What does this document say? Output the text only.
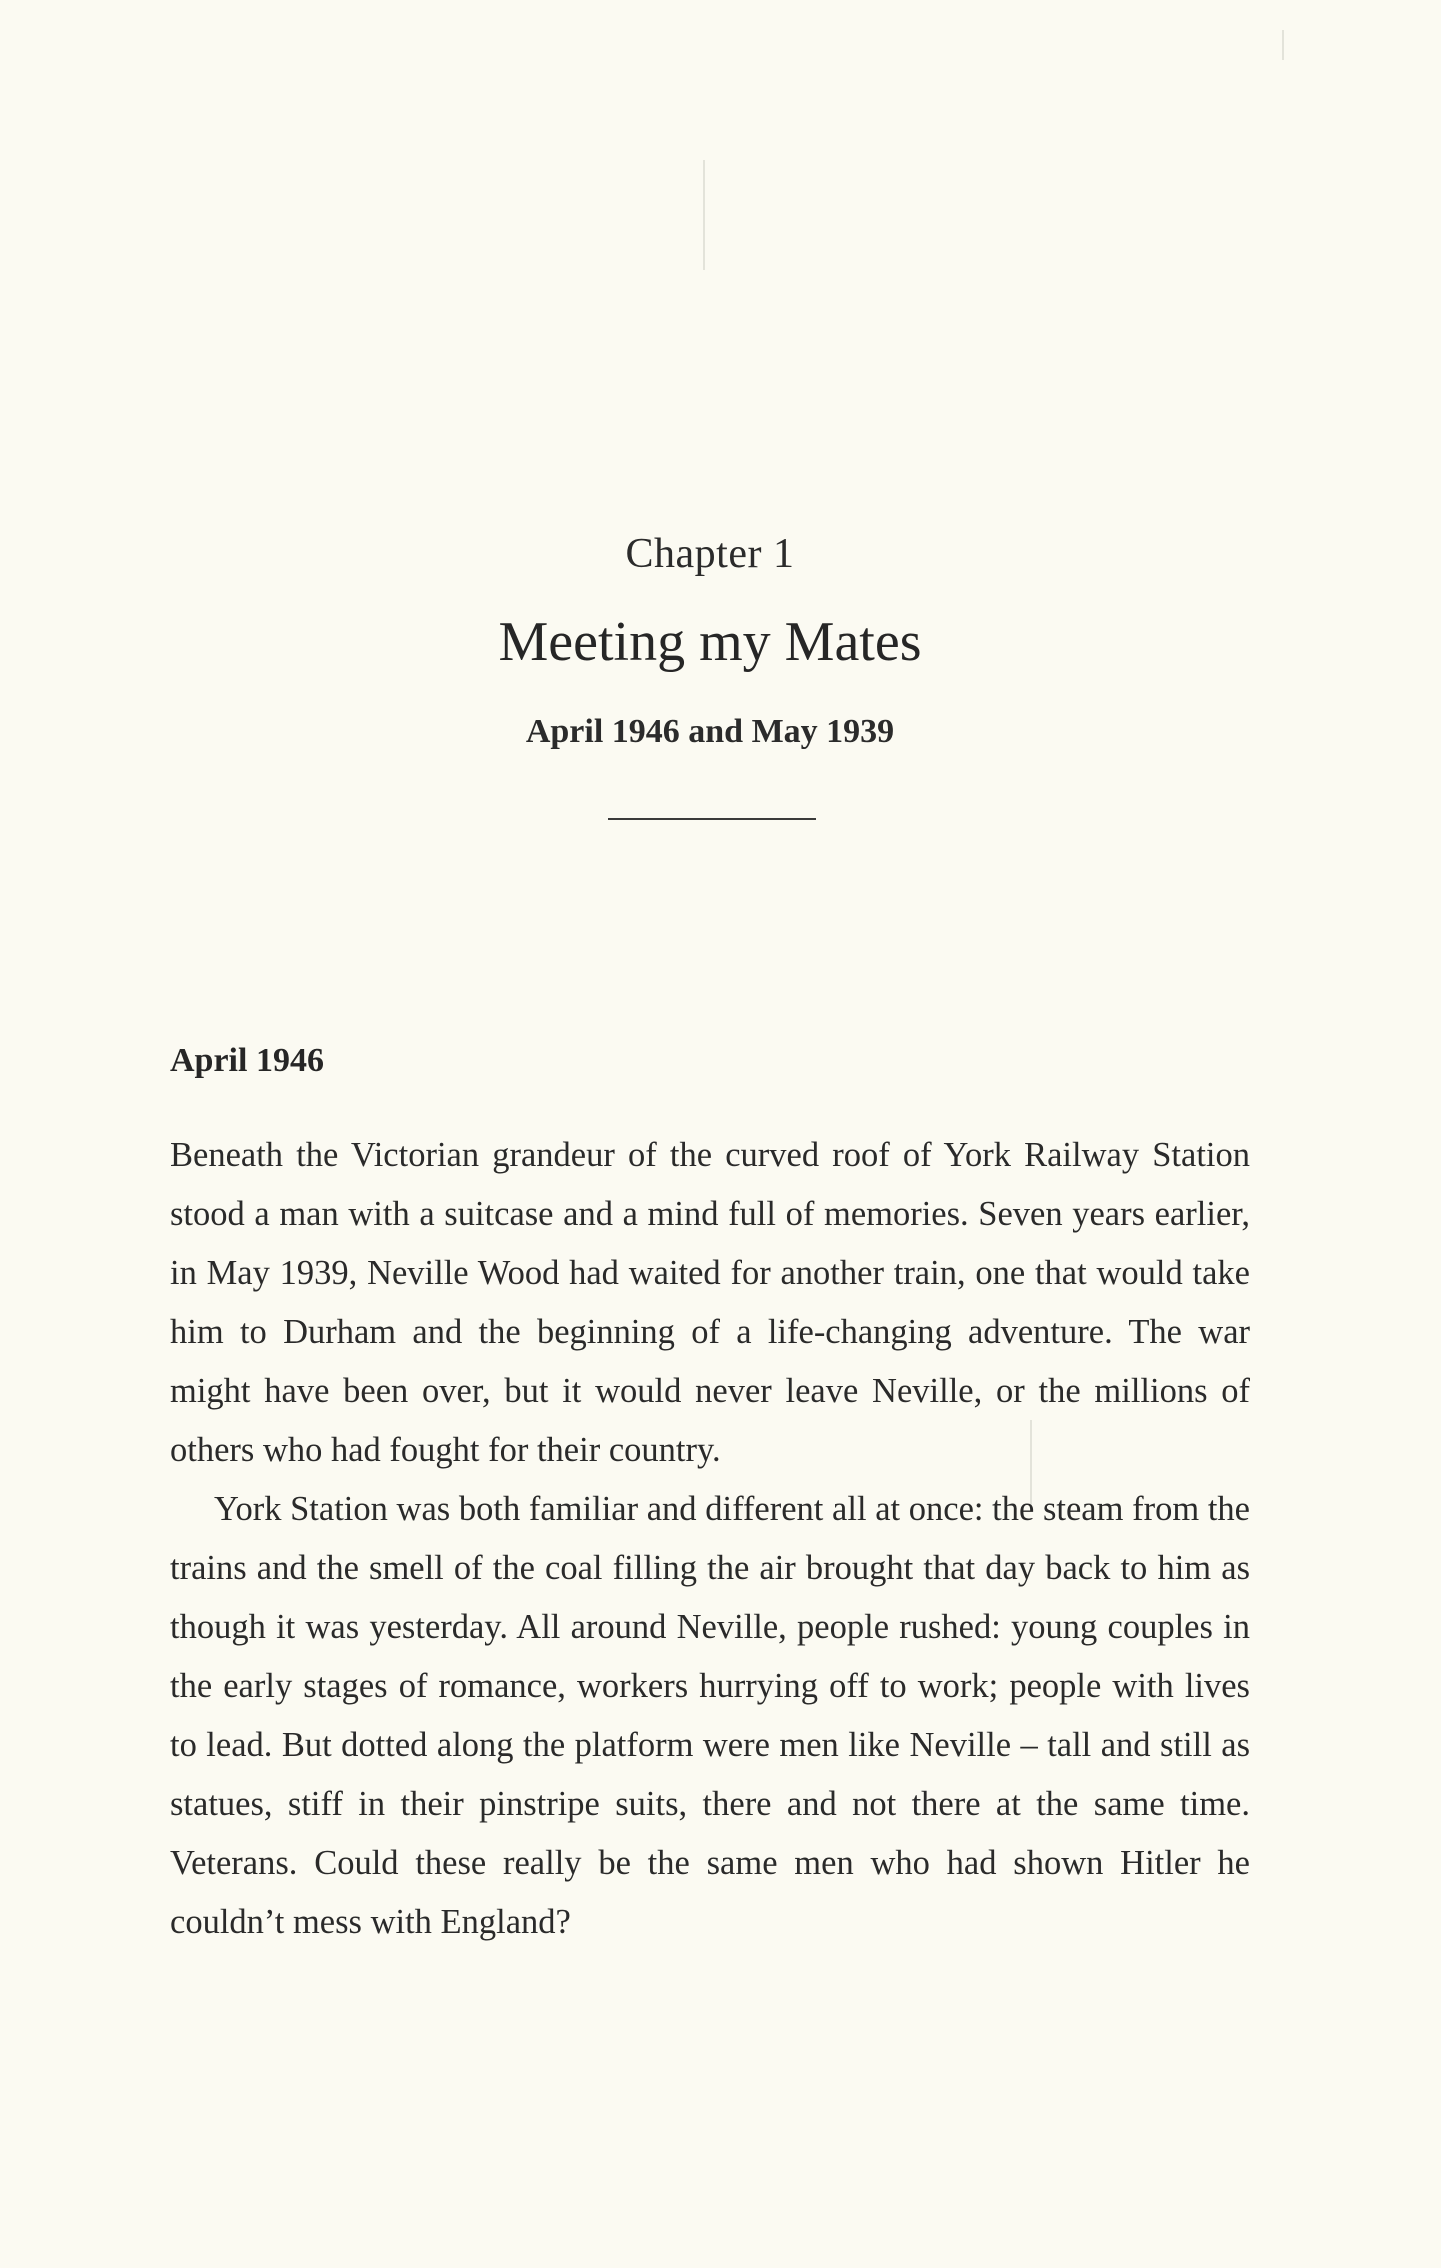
Chapter 1
Meeting my Mates
April 1946 and May 1939
April 1946

Beneath the Victorian grandeur of the curved roof of York Railway Station stood a man with a suitcase and a mind full of memories. Seven years earlier, in May 1939, Neville Wood had waited for another train, one that would take him to Durham and the beginning of a life-changing adventure. The war might have been over, but it would never leave Neville, or the millions of others who had fought for their country.

York Station was both familiar and different all at once: the steam from the trains and the smell of the coal filling the air brought that day back to him as though it was yesterday. All around Neville, people rushed: young couples in the early stages of romance, workers hurrying off to work; people with lives to lead. But dotted along the platform were men like Neville – tall and still as statues, stiff in their pinstripe suits, there and not there at the same time. Veterans. Could these really be the same men who had shown Hitler he couldn’t mess with England?
